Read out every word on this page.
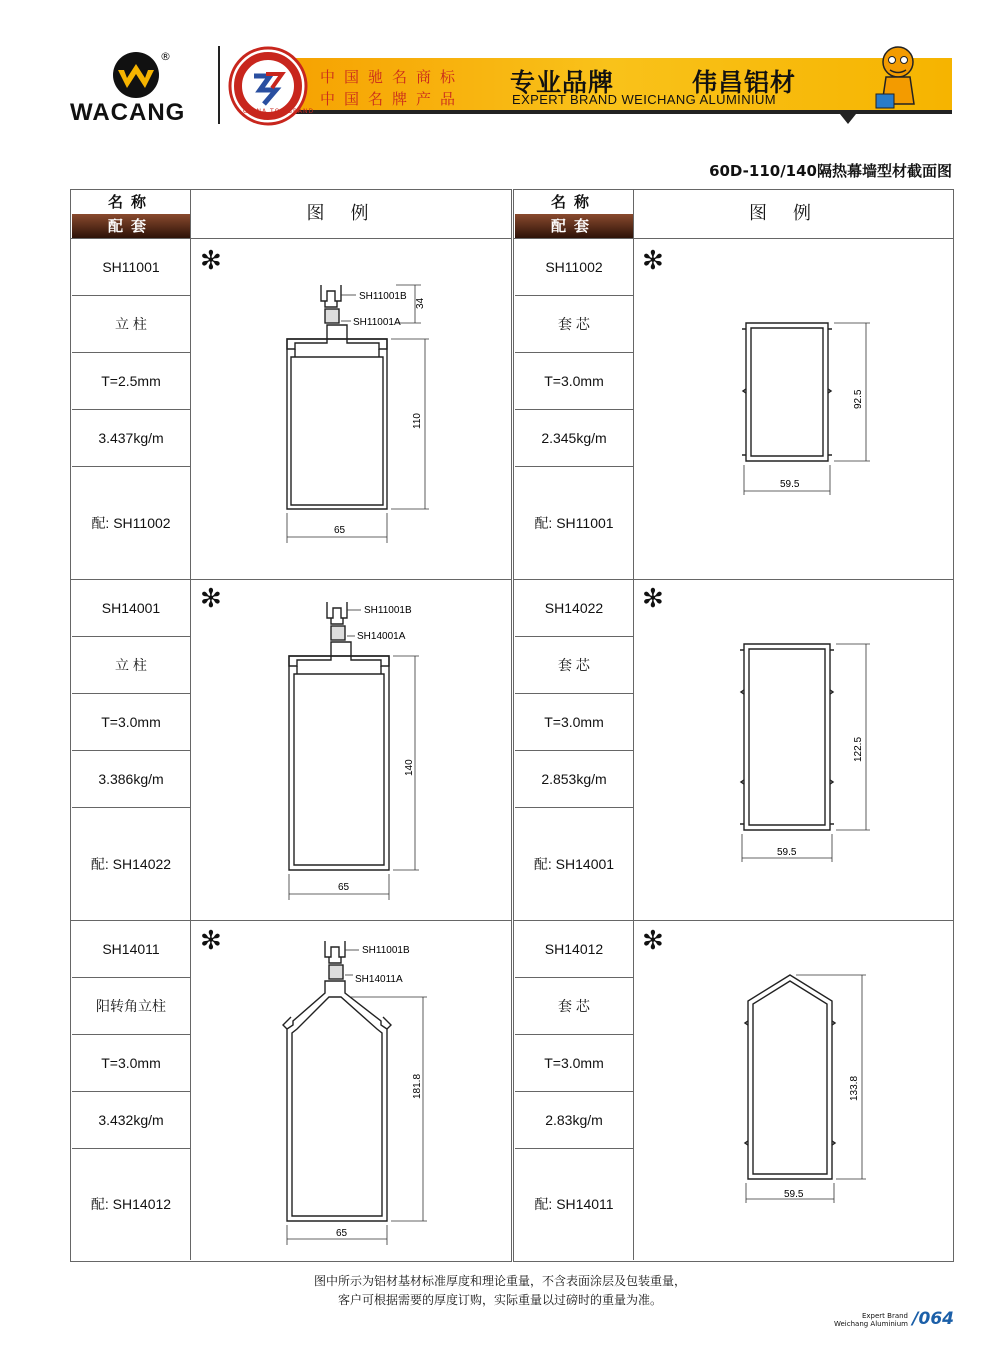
®
WACANG	CHINA TOP BRAND
中国驰名商标
中国名牌产品
专业品牌	伟昌铝材
EXPERT BRAND WEICHANG ALUMINIUM
60D-110/140隔热幕墙型材截面图
名称
配套
图例
名称
配套
图例
SH11001
立 柱
T=2.5mm
3.437kg/m
配: SH11002
SH14001
立 柱
T=3.0mm
3.386kg/m
配: SH14022
SH14011
阳转角立柱
T=3.0mm
3.432kg/m
配: SH14012
SH11002
套 芯
T=3.0mm
2.345kg/m
配: SH11001
SH14022
套 芯
T=3.0mm
2.853kg/m
配: SH14001
SH14012
套 芯
T=3.0mm
2.83kg/m
配: SH14011
✻
✻
✻
✻
✻
✻
SH11001B
SH11001A
34
110
65
92.5
59.5
SH11001B
SH14001A
140
65
122.5
59.5
SH11001B
SH14011A
181.8
65
133.8
59.5
图中所示为铝材基材标准厚度和理论重量，不含表面涂层及包装重量，
客户可根据需要的厚度订购，实际重量以过磅时的重量为准。
Expert Brand
Weichang Aluminium /064
